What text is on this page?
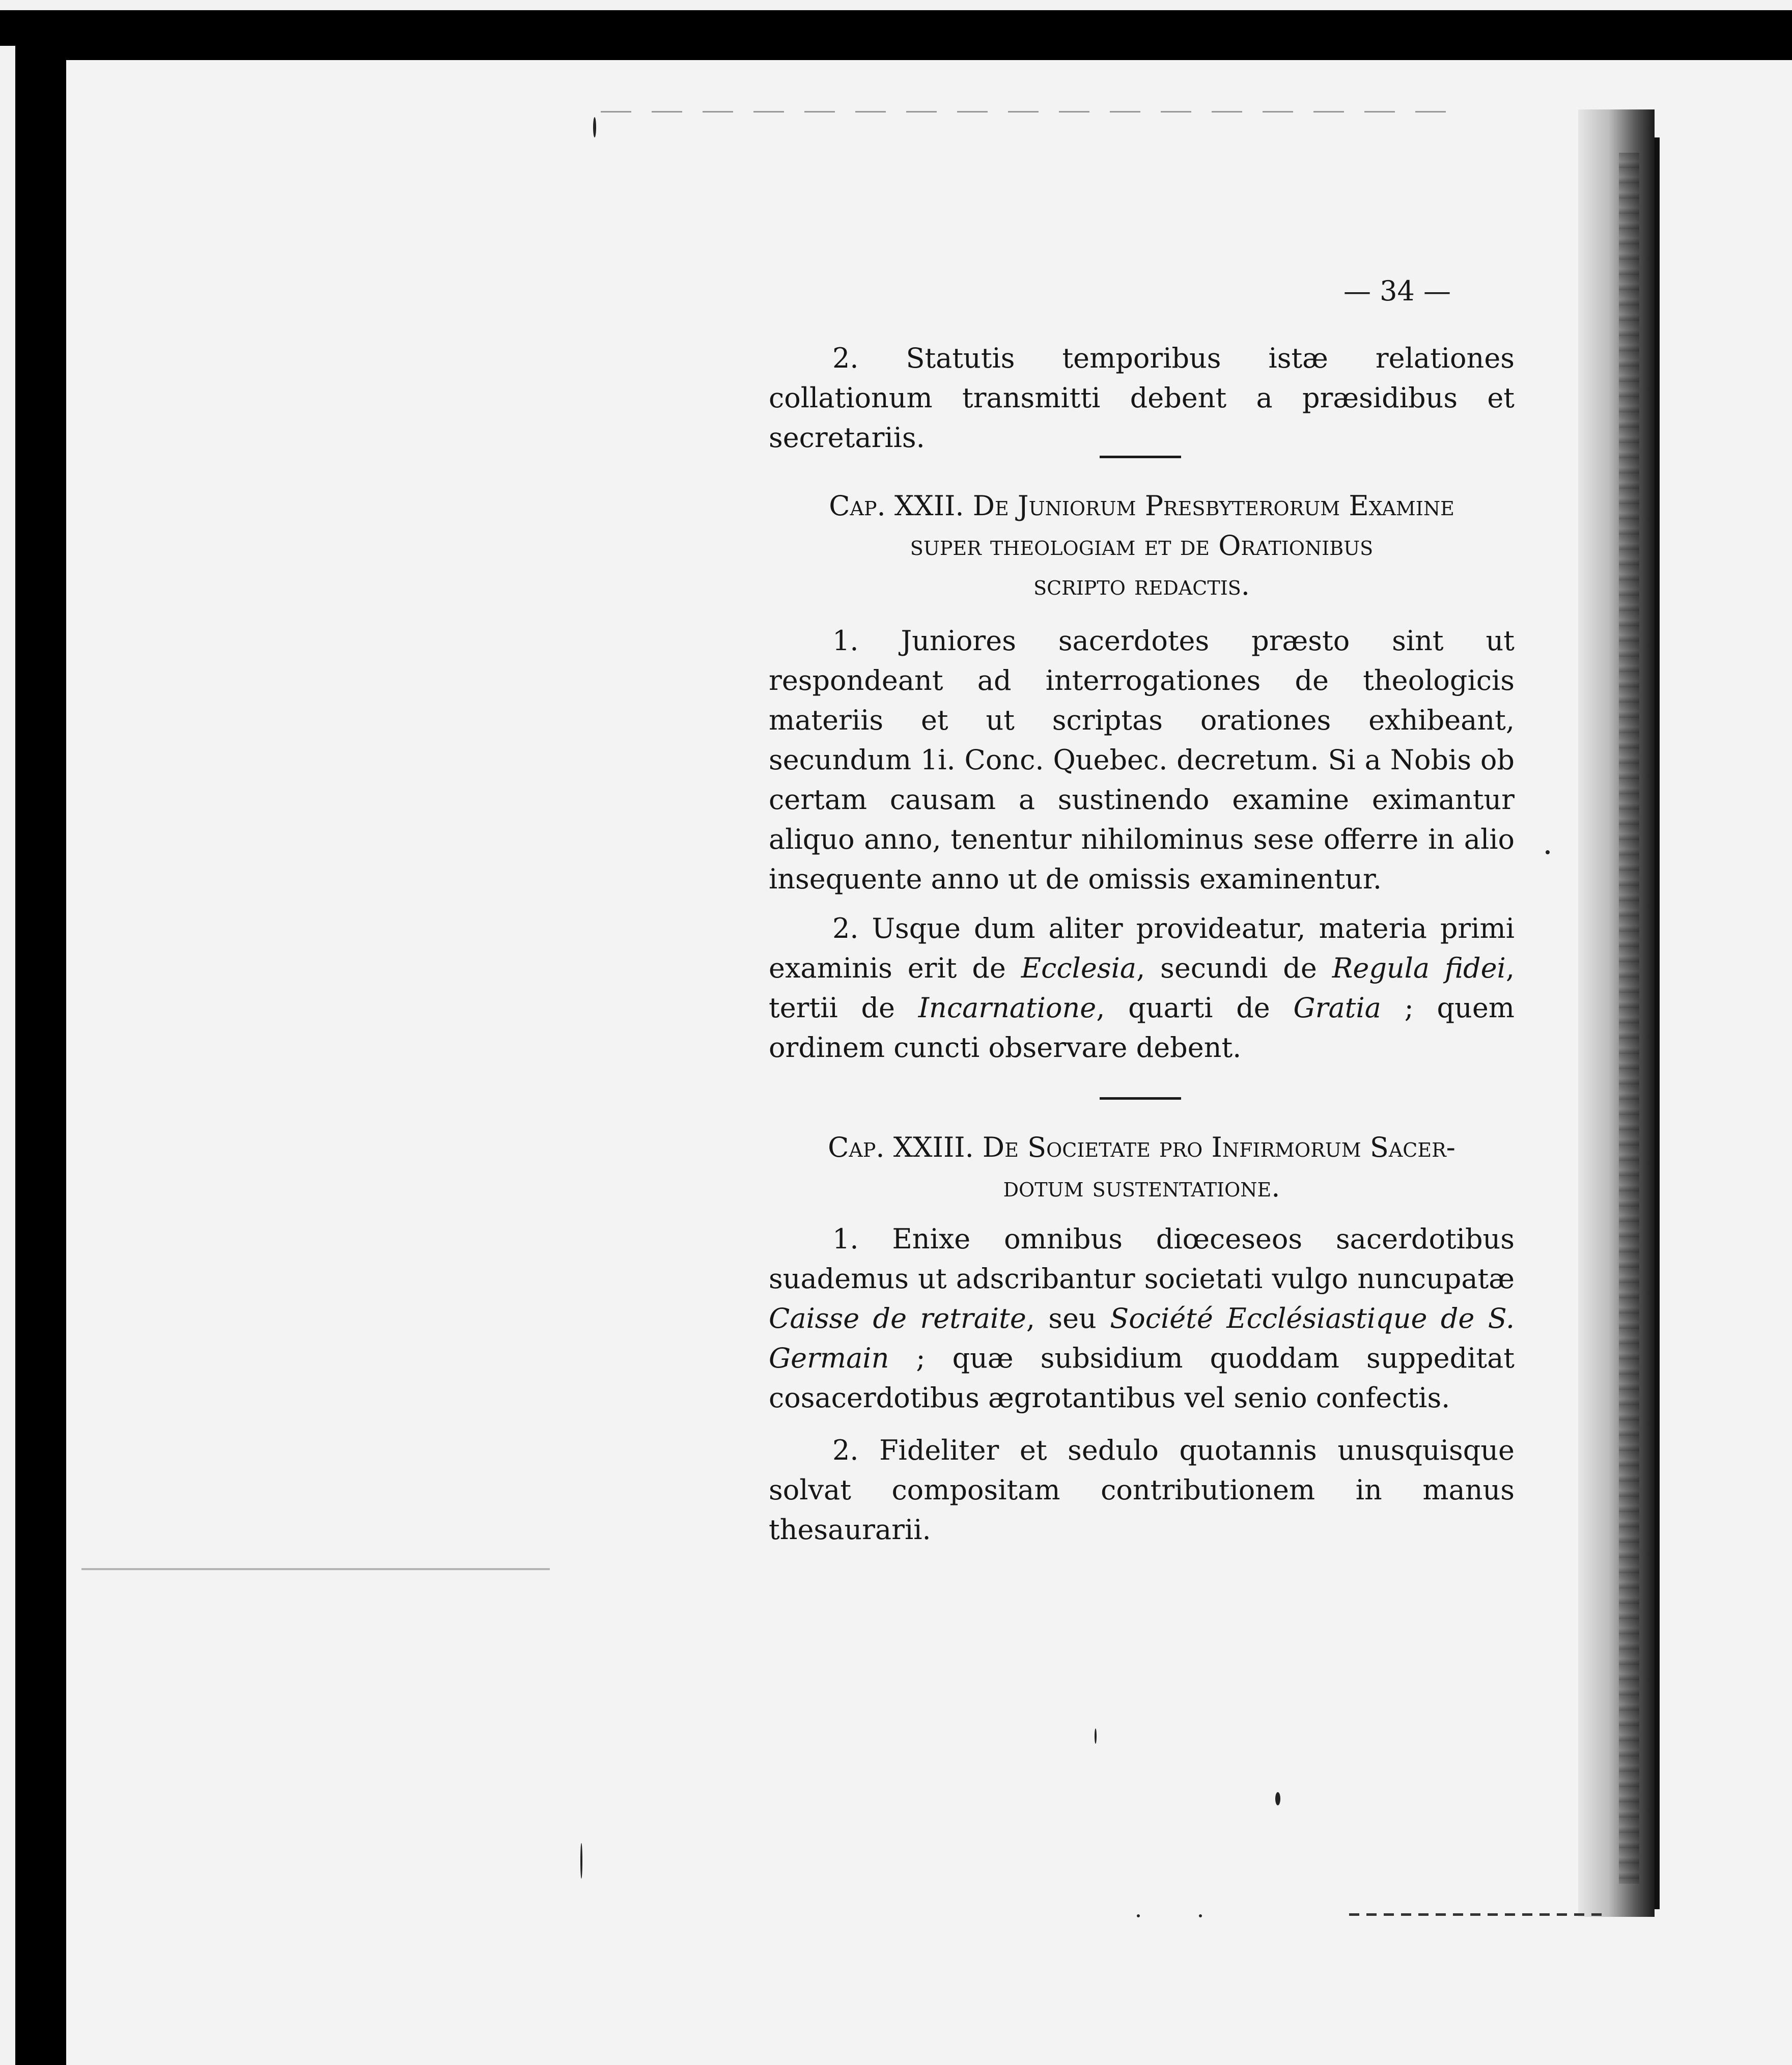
— 34 —
2. Statutis temporibus istæ relationes collationum transmitti debent a præsidibus et secretariis.
Cap. XXII. De Juniorum Presbyterorum Examine
super theologiam et de Orationibus
scripto redactis.
1. Juniores sacerdotes præsto sint ut respondeant ad interrogationes de theologicis materiis et ut scriptas orationes exhibeant, secundum 1i. Conc. Quebec. decretum. Si a Nobis ob certam causam a sustinendo examine eximantur aliquo anno, tenentur nihilominus sese offerre in alio insequente anno ut de omissis examinentur.
2. Usque dum aliter provideatur, materia primi examinis erit de Ecclesia, secundi de Regula fidei, tertii de Incarnatione, quarti de Gratia ; quem ordinem cuncti observare debent.
Cap. XXIII. De Societate pro Infirmorum Sacer-
dotum sustentatione.
1. Enixe omnibus diœceseos sacerdotibus suademus ut adscribantur societati vulgo nuncupatæ Caisse de retraite, seu Société Ecclésiastique de S. Germain ; quæ subsidium quoddam suppeditat cosacerdotibus ægrotantibus vel senio confectis.
2. Fideliter et sedulo quotannis unusquisque solvat compositam contributionem in manus thesaurarii.
